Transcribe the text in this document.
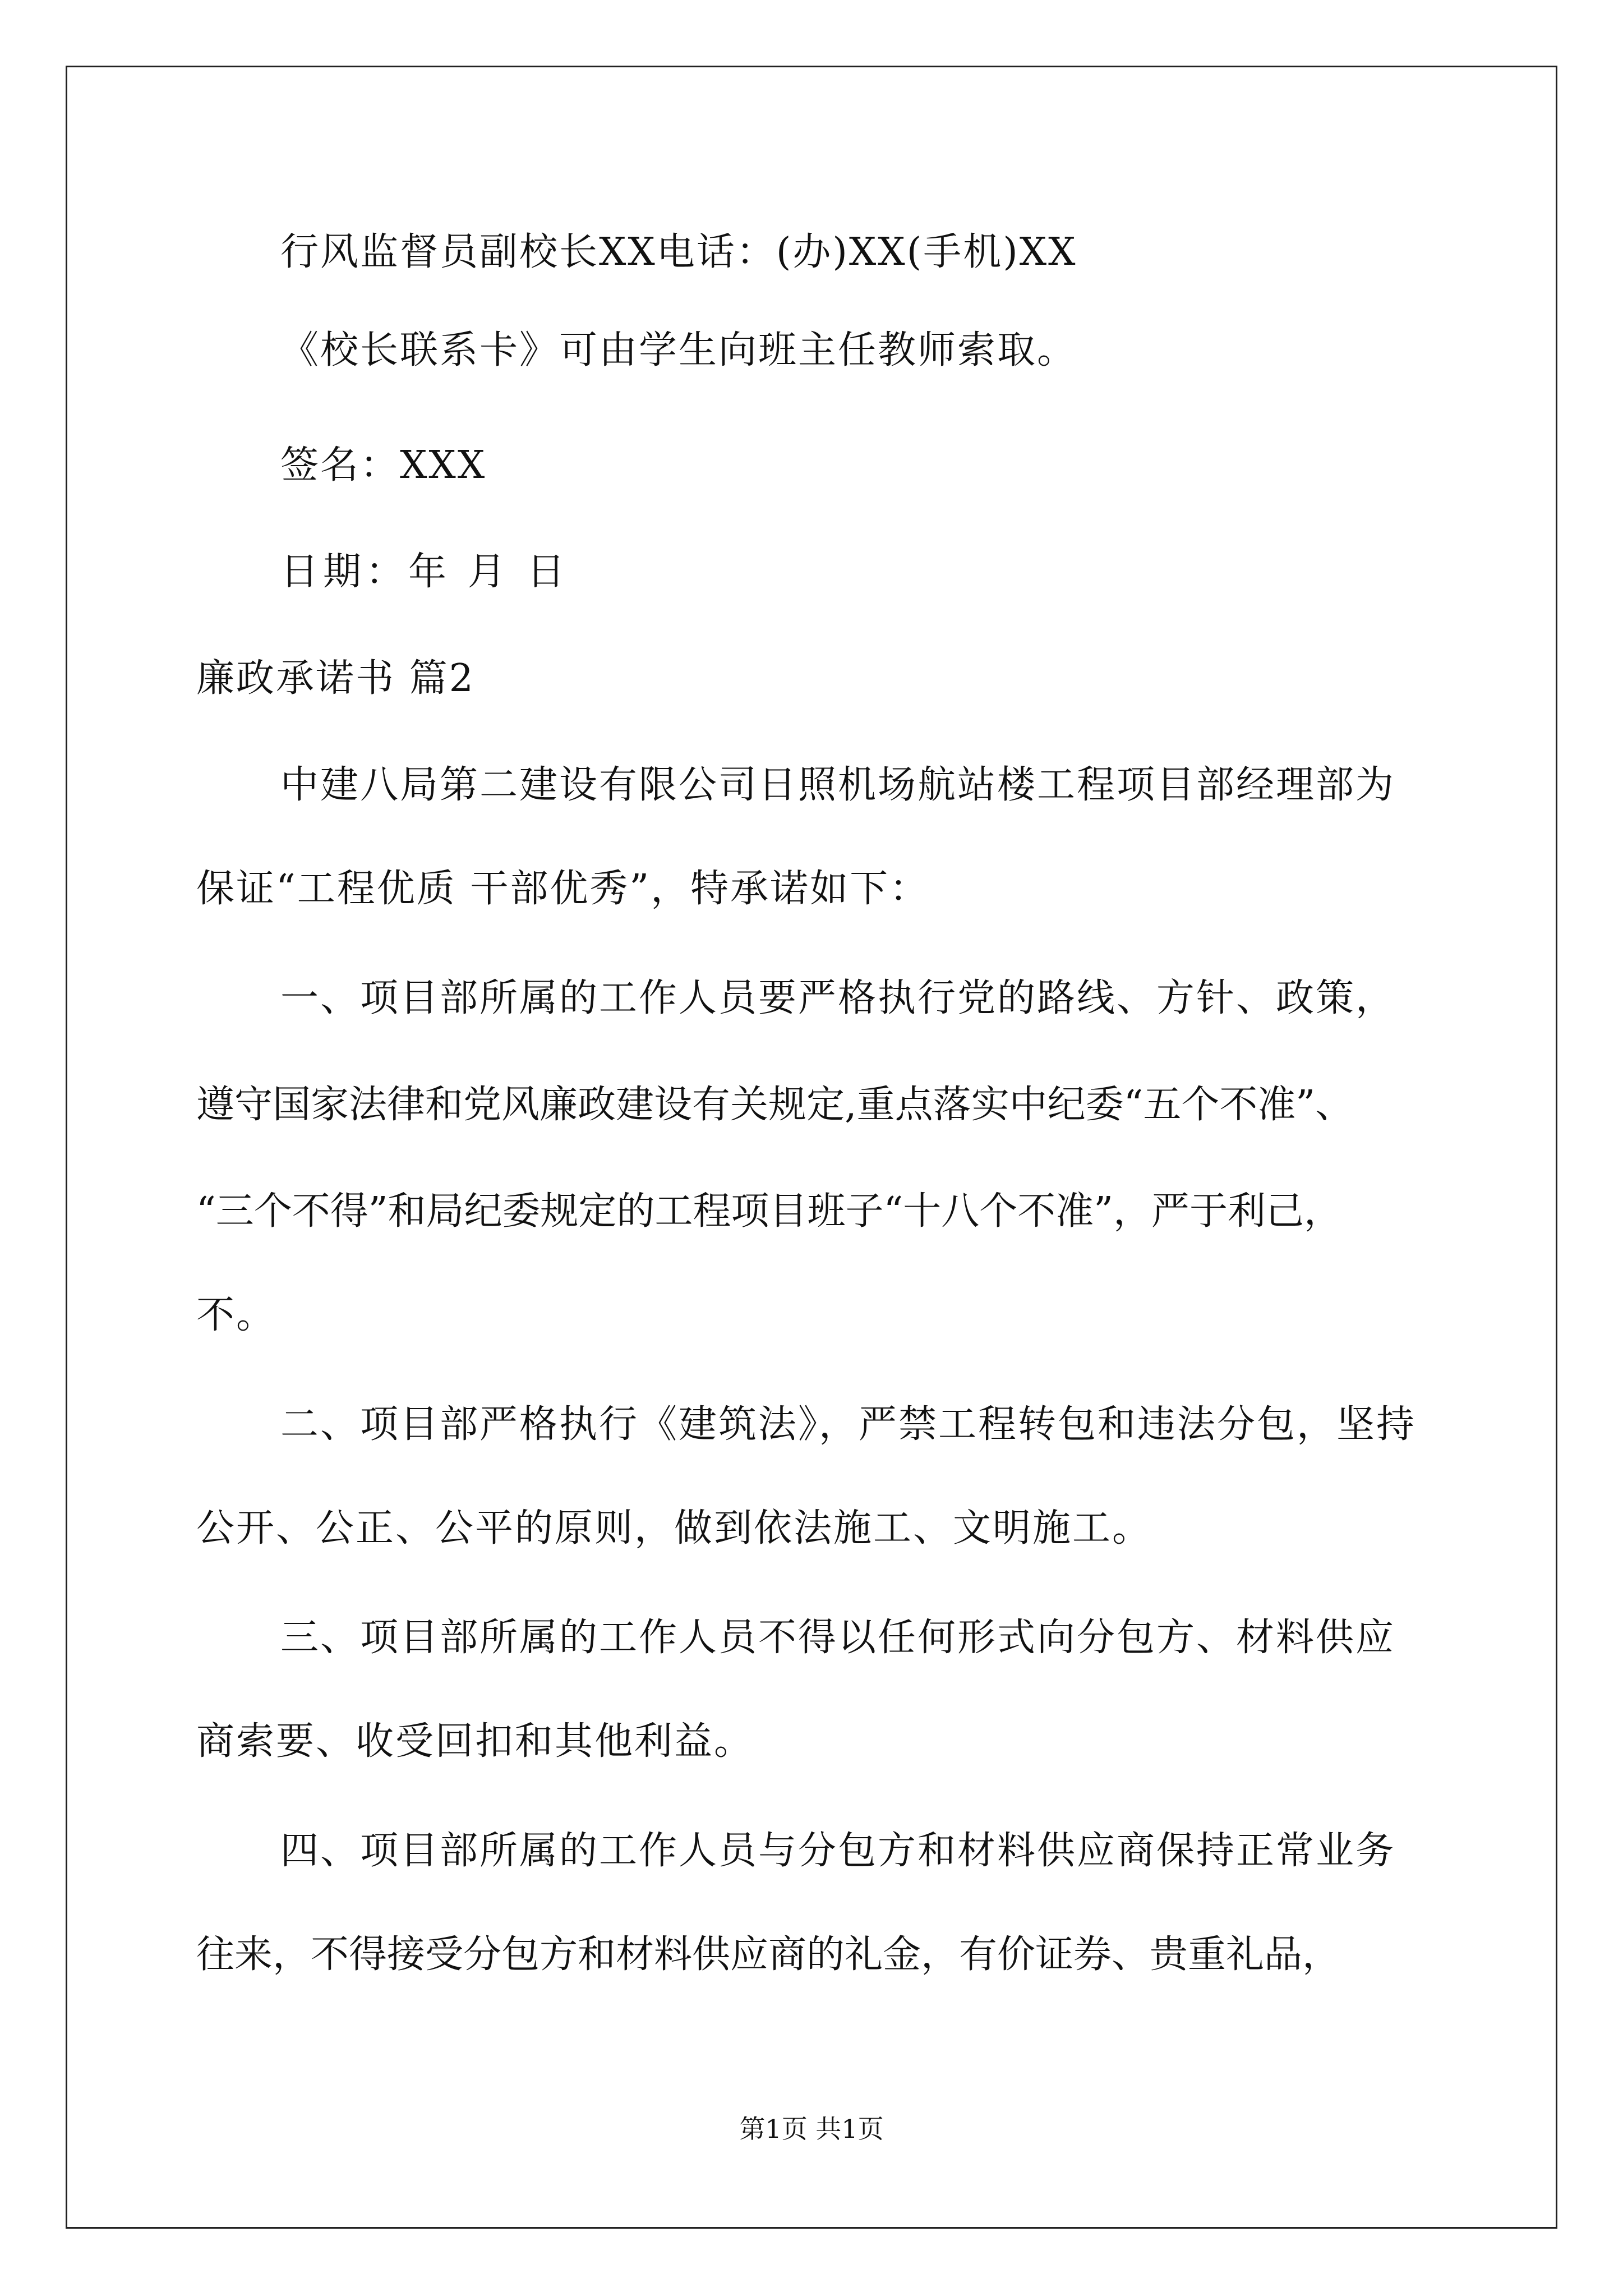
行风监督员副校长XX电话：(办)XX(手机)XX
《校长联系卡》可由学生向班主任教师索取。
签名：XXX
日期：年 月 日
廉政承诺书 篇2
中建八局第二建设有限公司日照机场航站楼工程项目部经理部为
保证“工程优质 干部优秀”，特承诺如下：
一、项目部所属的工作人员要严格执行党的路线、方针、政策，
遵守国家法律和党风廉政建设有关规定,重点落实中纪委“五个不准”、
“三个不得”和局纪委规定的工程项目班子“十八个不准”，严于利己，
不。
二、项目部严格执行《建筑法》，严禁工程转包和违法分包，坚持
公开、公正、公平的原则，做到依法施工、文明施工。
三、项目部所属的工作人员不得以任何形式向分包方、材料供应
商索要、收受回扣和其他利益。
四、项目部所属的工作人员与分包方和材料供应商保持正常业务
往来，不得接受分包方和材料供应商的礼金，有价证券、贵重礼品，
第1页 共1页
